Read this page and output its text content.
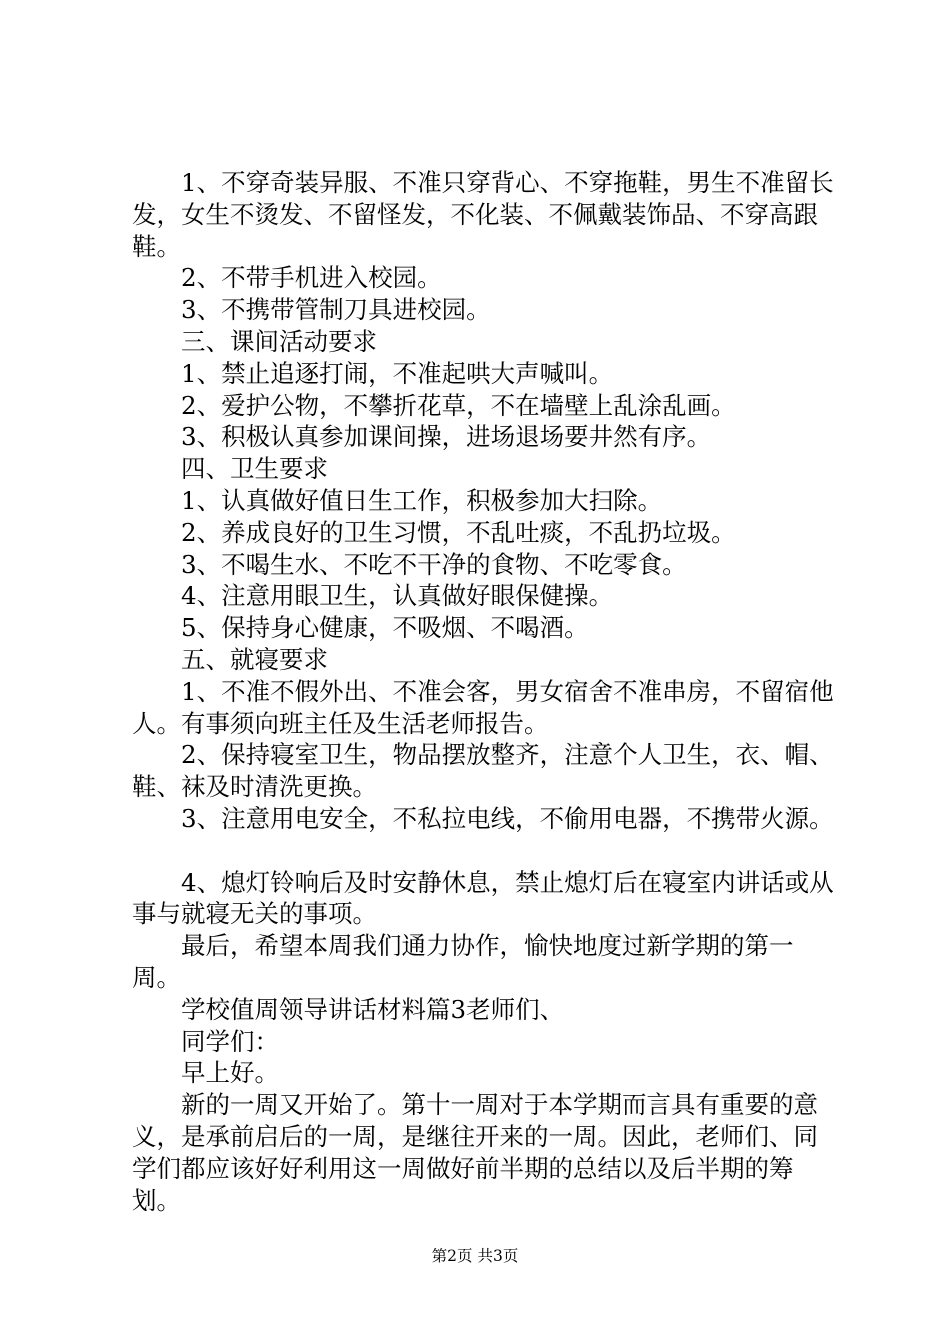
1、不穿奇装异服、不准只穿背心、不穿拖鞋，男生不准留长发，女生不烫发、不留怪发，不化装、不佩戴装饰品、不穿高跟鞋。

2、不带手机进入校园。

3、不携带管制刀具进校园。

三、课间活动要求

1、禁止追逐打闹，不准起哄大声喊叫。

2、爱护公物，不攀折花草，不在墙壁上乱涂乱画。

3、积极认真参加课间操，进场退场要井然有序。

四、卫生要求

1、认真做好值日生工作，积极参加大扫除。

2、养成良好的卫生习惯，不乱吐痰，不乱扔垃圾。

3、不喝生水、不吃不干净的食物、不吃零食。

4、注意用眼卫生，认真做好眼保健操。

5、保持身心健康，不吸烟、不喝酒。

五、就寝要求

1、不准不假外出、不准会客，男女宿舍不准串房，不留宿他人。有事须向班主任及生活老师报告。

2、保持寝室卫生，物品摆放整齐，注意个人卫生，衣、帽、鞋、袜及时清洗更换。

3、注意用电安全，不私拉电线，不偷用电器，不携带火源。

4、熄灯铃响后及时安静休息，禁止熄灯后在寝室内讲话或从事与就寝无关的事项。

最后，希望本周我们通力协作，愉快地度过新学期的第一周。

学校值周领导讲话材料篇3老师们、

同学们：

早上好。

新的一周又开始了。第十一周对于本学期而言具有重要的意义，是承前启后的一周，是继往开来的一周。因此，老师们、同学们都应该好好利用这一周做好前半期的总结以及后半期的筹划。

第2页 共3页
